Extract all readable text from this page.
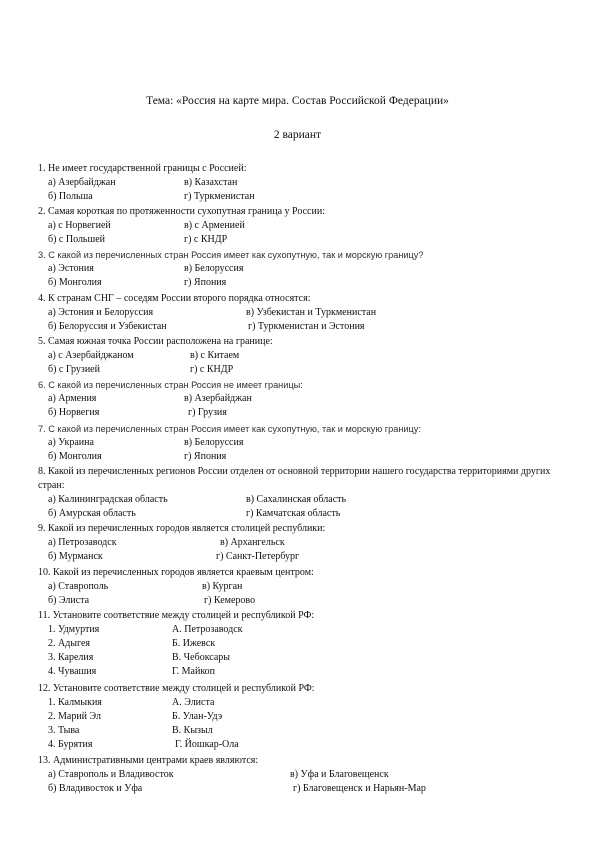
Тема: «Россия на карте мира. Состав Российской Федерации»
2 вариант
1. Не имеет государственной границы с Россией:
а) Азербайджан	в) Казахстан
б) Польша	г) Туркменистан
2. Самая короткая по протяженности сухопутная граница у России:
а) с Норвегией	в) с Арменией
б) с Польшей	г) с КНДР
3. С какой из перечисленных стран Россия имеет как сухопутную, так и морскую границу?
а) Эстония	в) Белоруссия
б) Монголия	г) Япония
4. К странам СНГ – соседям России второго порядка относятся:
а) Эстония и Белоруссия	в) Узбекистан и Туркменистан
б) Белоруссия и Узбекистан	г) Туркменистан и Эстония
5. Самая южная точка России расположена на границе:
а) с Азербайджаном	в) с Китаем
б) с Грузией	г) с КНДР
6. С какой из перечисленных стран Россия не имеет границы:
а) Армения	в) Азербайджан
б) Норвегия	г) Грузия
7. С какой из перечисленных стран Россия имеет как сухопутную, так и морскую границу:
а) Украина	в) Белоруссия
б) Монголия	г) Япония
8. Какой из перечисленных регионов России отделен от основной территории нашего государства территориями других стран:
а) Калининградская область	в) Сахалинская область
б) Амурская область	г) Камчатская область
9. Какой из перечисленных городов является столицей республики:
а) Петрозаводск	в) Архангельск
б) Мурманск	г) Санкт-Петербург
10. Какой из перечисленных городов является краевым центром:
а) Ставрополь	в) Курган
б) Элиста	г) Кемерово
11. Установите соответствие между столицей и республикой РФ:
1. Удмуртия	А. Петрозаводск
2. Адыгея	Б. Ижевск
3. Карелия	В. Чебоксары
4. Чувашия	Г. Майкоп
12. Установите соответствие между столицей и республикой РФ:
1. Калмыкия	А. Элиста
2. Марий Эл	Б. Улан-Удэ
3. Тыва	В. Кызыл
4. Бурятия	Г. Йошкар-Ола
13. Административными центрами краев являются:
а) Ставрополь и Владивосток	в) Уфа и Благовещенск
б) Владивосток и Уфа	г) Благовещенск и Нарьян-Мар
